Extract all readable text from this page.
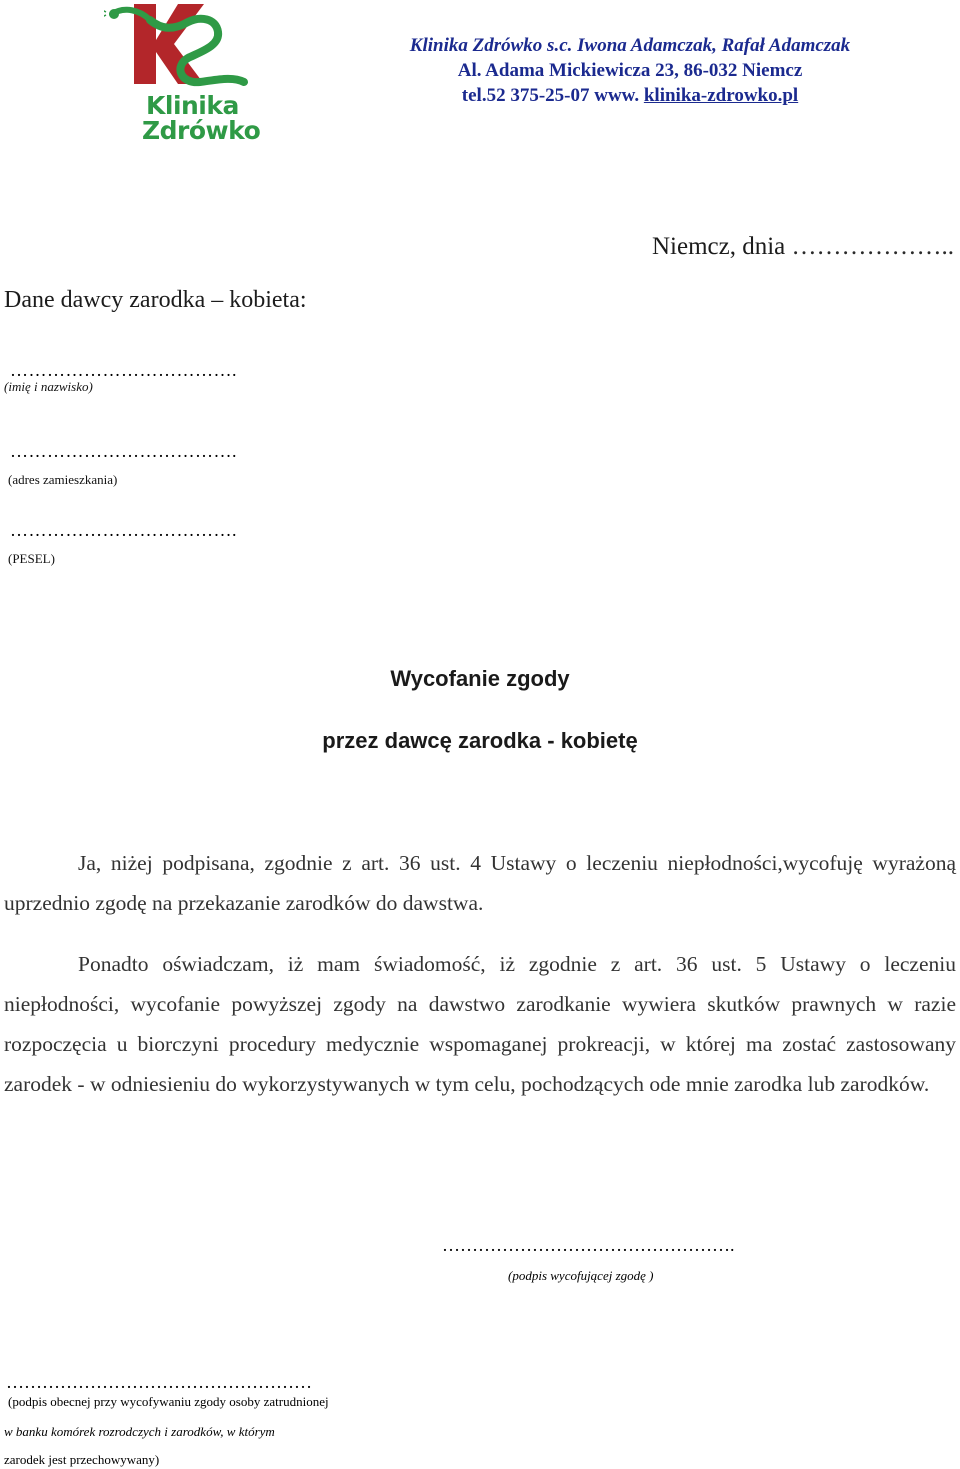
Klinika
Zdrówko
Klinika Zdrówko s.c. Iwona Adamczak, Rafał Adamczak
Al. Adama Mickiewicza 23, 86-032 Niemcz
tel.52 375-25-07 www. klinika-zdrowko.pl
Niemcz, dnia ………………..
Dane dawcy zarodka – kobieta:
……………………………….
(imię i nazwisko)
……………………………….
(adres zamieszkania)
……………………………….
(PESEL)
Wycofanie zgody
przez dawcę zarodka - kobietę
Ja, niżej podpisana, zgodnie z art. 36 ust. 4 Ustawy o leczeniu niepłodności,wycofuję wyrażoną uprzednio zgodę na przekazanie zarodków do dawstwa.
Ponadto oświadczam, iż mam świadomość, iż zgodnie z art. 36 ust. 5 Ustawy o leczeniu niepłodności, wycofanie powyższej zgody na dawstwo zarodkanie wywiera skutków prawnych w razie rozpoczęcia u biorczyni procedury medycznie wspomaganej prokreacji, w której ma zostać zastosowany zarodek - w odniesieniu do wykorzystywanych w tym celu, pochodzących ode mnie zarodka lub zarodków.
………………………………………….
(podpis wycofującej zgodę )
……………………………………………
(podpis obecnej przy wycofywaniu zgody osoby zatrudnionej
w banku komórek rozrodczych i zarodków, w którym
zarodek jest przechowywany)
